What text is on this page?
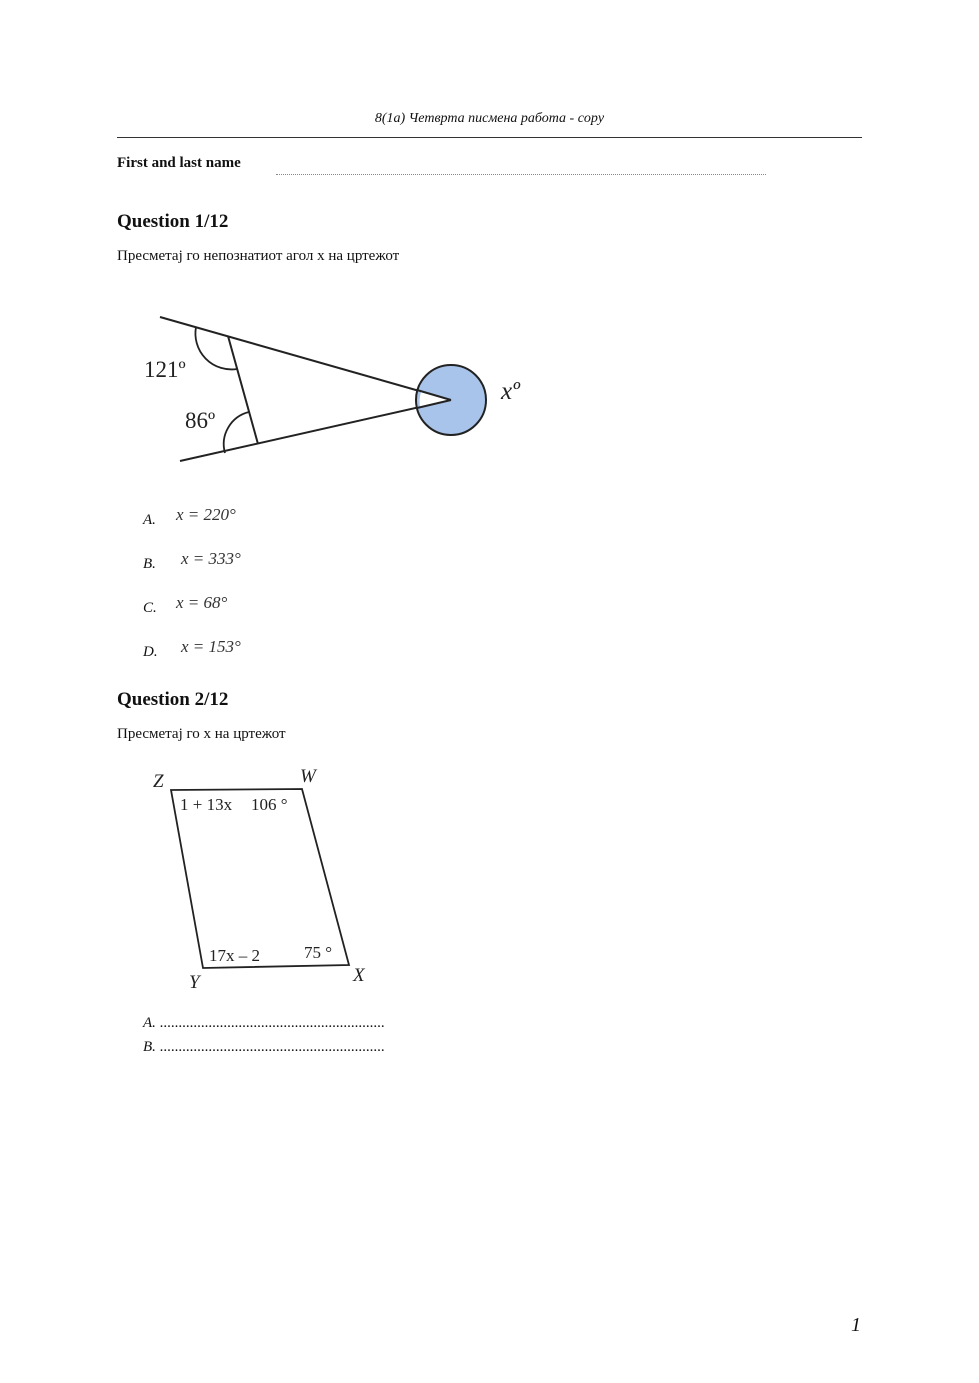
8(1а) Четврта писмена работа - copy
First and last name
Question 1/12
Пресметај го непознатиот агол x на цртежот
121º
86º
xº
A. x = 220°
B. x = 333°
C. x = 68°
D. x = 153°
Question 2/12
Пресметај го x на цртежот
Z	W
Y	X
1 + 13x 106 °
17x – 2	75 °
A. ............................................................
B. ............................................................
1
